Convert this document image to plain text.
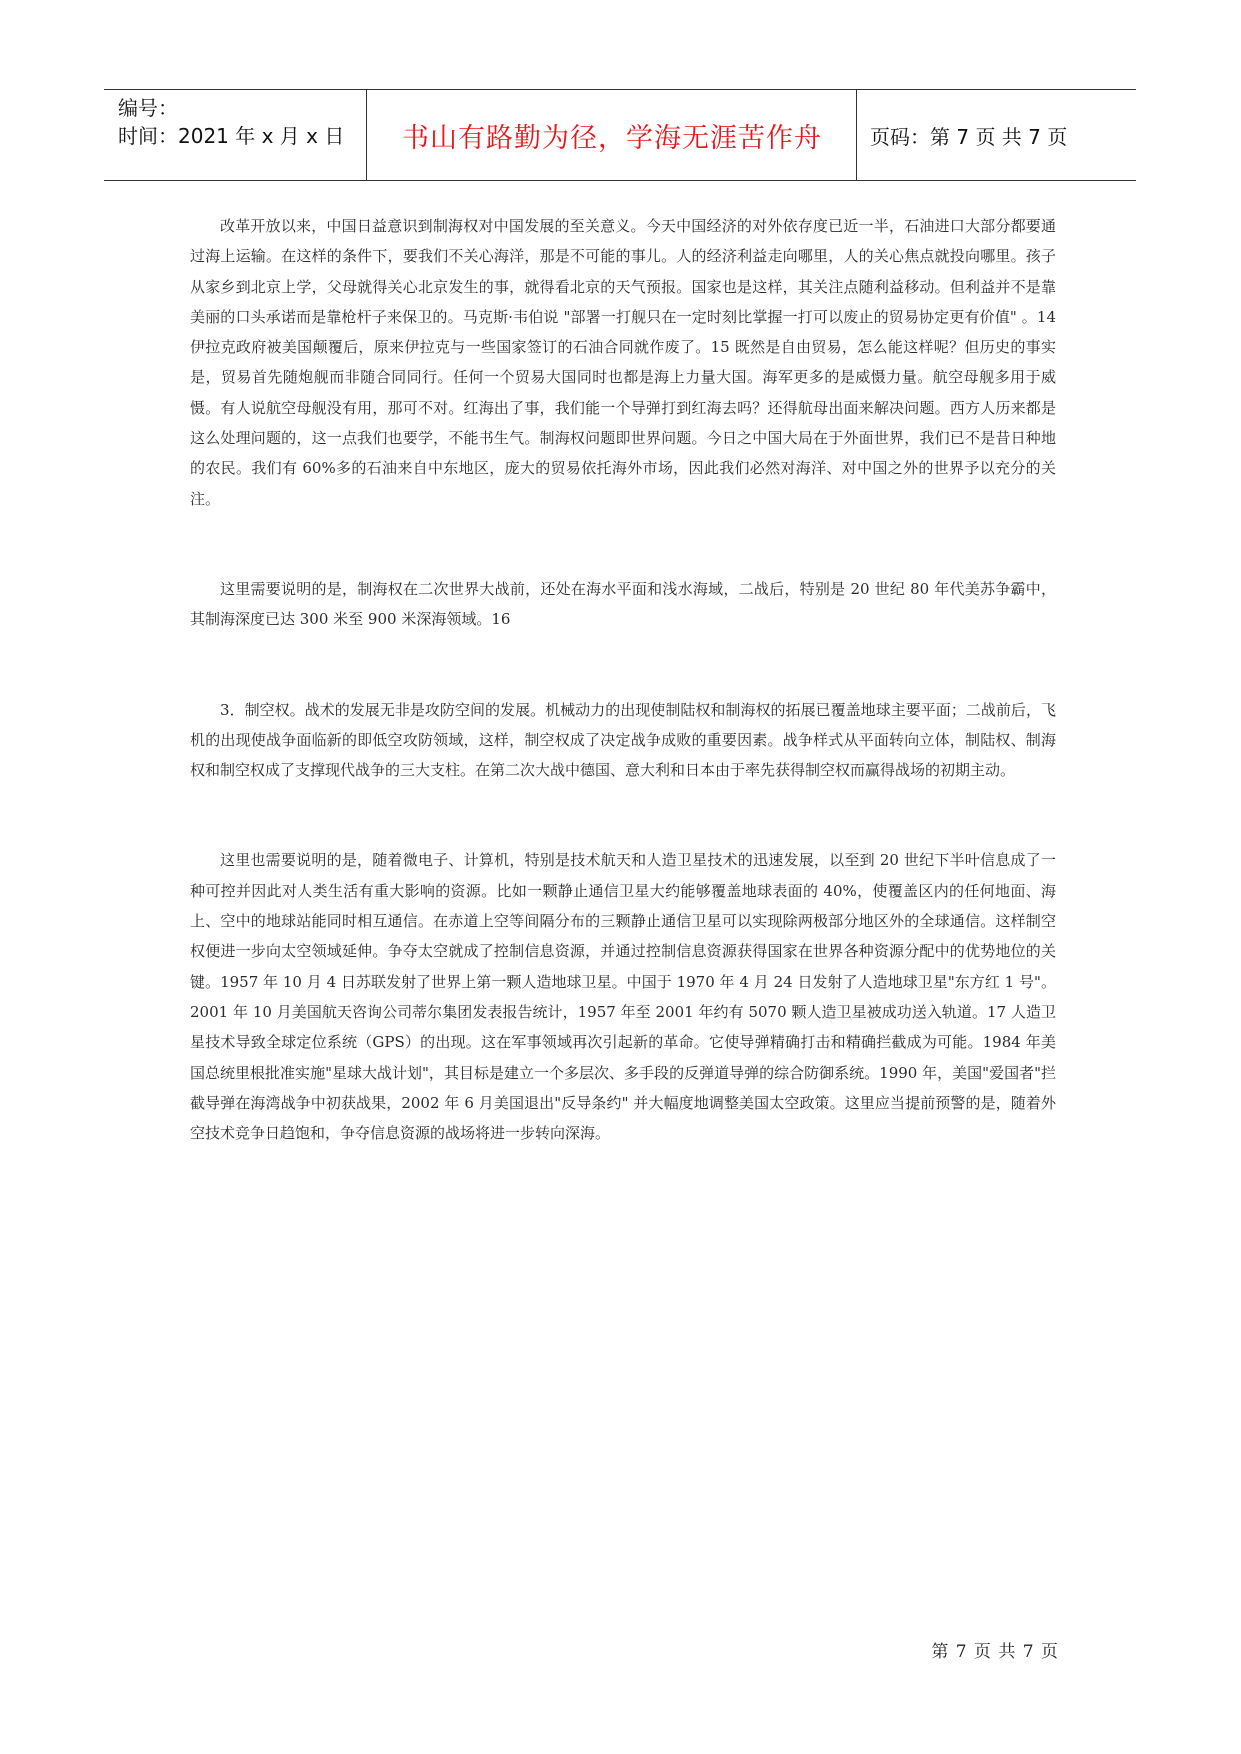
编号：
时间：2021 年 x 月 x 日	书山有路勤为径，学海无涯苦作舟	页码：第 7 页 共 7 页

改革开放以来，中国日益意识到制海权对中国发展的至关意义。今天中国经济的对外依存度已近一半，石油进口大部分都要通过海上运输。在这样的条件下，要我们不关心海洋，那是不可能的事儿。人的经济利益走向哪里，人的关心焦点就投向哪里。孩子从家乡到北京上学，父母就得关心北京发生的事，就得看北京的天气预报。国家也是这样，其关注点随利益移动。但利益并不是靠美丽的口头承诺而是靠枪杆子来保卫的。马克斯·韦伯说 "部署一打舰只在一定时刻比掌握一打可以废止的贸易协定更有价值" 。14 伊拉克政府被美国颠覆后，原来伊拉克与一些国家签订的石油合同就作废了。15 既然是自由贸易，怎么能这样呢？但历史的事实是，贸易首先随炮舰而非随合同同行。任何一个贸易大国同时也都是海上力量大国。海军更多的是威慑力量。航空母舰多用于威慑。有人说航空母舰没有用，那可不对。红海出了事，我们能一个导弹打到红海去吗？还得航母出面来解决问题。西方人历来都是这么处理问题的，这一点我们也要学，不能书生气。制海权问题即世界问题。今日之中国大局在于外面世界，我们已不是昔日种地的农民。我们有 60%多的石油来自中东地区，庞大的贸易依托海外市场，因此我们必然对海洋、对中国之外的世界予以充分的关注。

这里需要说明的是，制海权在二次世界大战前，还处在海水平面和浅水海域，二战后，特别是 20 世纪 80 年代美苏争霸中，其制海深度已达 300 米至 900 米深海领域。16

3．制空权。战术的发展无非是攻防空间的发展。机械动力的出现使制陆权和制海权的拓展已覆盖地球主要平面；二战前后，飞机的出现使战争面临新的即低空攻防领域，这样，制空权成了决定战争成败的重要因素。战争样式从平面转向立体，制陆权、制海权和制空权成了支撑现代战争的三大支柱。在第二次大战中德国、意大利和日本由于率先获得制空权而赢得战场的初期主动。

这里也需要说明的是，随着微电子、计算机，特别是技术航天和人造卫星技术的迅速发展，以至到 20 世纪下半叶信息成了一种可控并因此对人类生活有重大影响的资源。比如一颗静止通信卫星大约能够覆盖地球表面的 40%，使覆盖区内的任何地面、海上、空中的地球站能同时相互通信。在赤道上空等间隔分布的三颗静止通信卫星可以实现除两极部分地区外的全球通信。这样制空权便进一步向太空领域延伸。争夺太空就成了控制信息资源，并通过控制信息资源获得国家在世界各种资源分配中的优势地位的关键。1957 年 10 月 4 日苏联发射了世界上第一颗人造地球卫星。中国于 1970 年 4 月 24 日发射了人造地球卫星"东方红 1 号"。2001 年 10 月美国航天咨询公司蒂尔集团发表报告统计，1957 年至 2001 年约有 5070 颗人造卫星被成功送入轨道。17 人造卫星技术导致全球定位系统（GPS）的出现。这在军事领域再次引起新的革命。它使导弹精确打击和精确拦截成为可能。1984 年美国总统里根批准实施"星球大战计划"，其目标是建立一个多层次、多手段的反弹道导弹的综合防御系统。1990 年，美国"爱国者"拦截导弹在海湾战争中初获战果，2002 年 6 月美国退出"反导条约" 并大幅度地调整美国太空政策。这里应当提前预警的是，随着外空技术竞争日趋饱和，争夺信息资源的战场将进一步转向深海。

第 7 页 共 7 页
